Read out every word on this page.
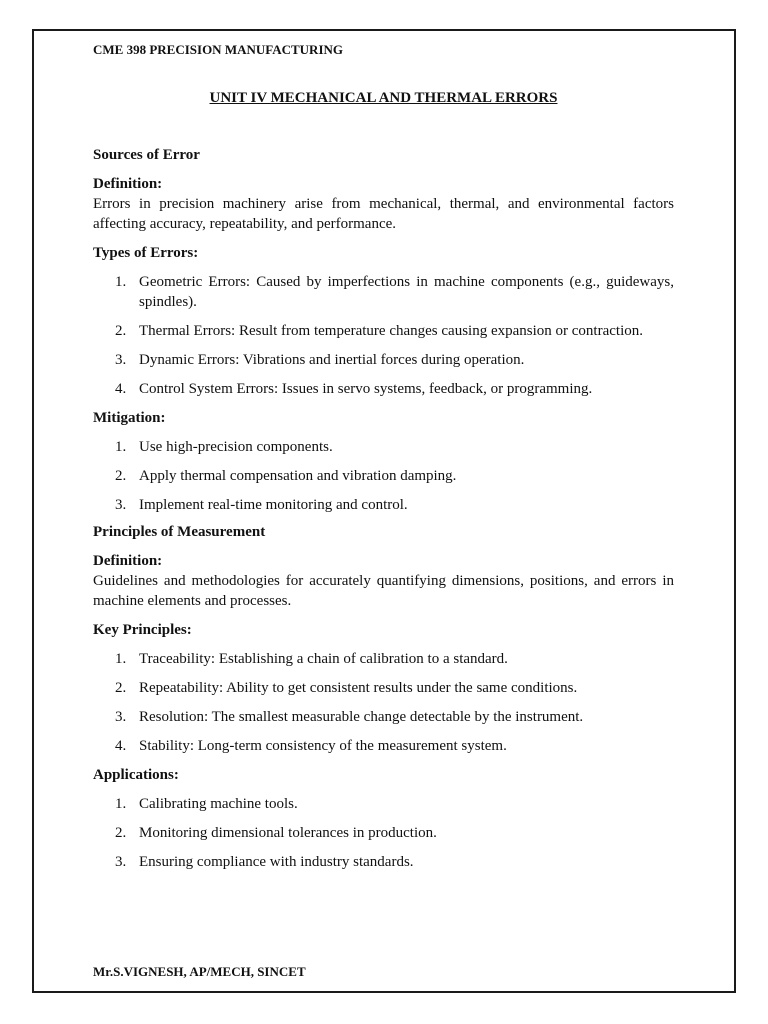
CME 398 PRECISION MANUFACTURING

UNIT IV MECHANICAL AND THERMAL ERRORS

Sources of Error

Definition:

Errors in precision machinery arise from mechanical, thermal, and environmental factors affecting accuracy, repeatability, and performance.

Types of Errors:

1. Geometric Errors: Caused by imperfections in machine components (e.g., guideways, spindles).
2. Thermal Errors: Result from temperature changes causing expansion or contraction.
3. Dynamic Errors: Vibrations and inertial forces during operation.
4. Control System Errors: Issues in servo systems, feedback, or programming.

Mitigation:

1. Use high-precision components.
2. Apply thermal compensation and vibration damping.
3. Implement real-time monitoring and control.

Principles of Measurement

Definition:

Guidelines and methodologies for accurately quantifying dimensions, positions, and errors in machine elements and processes.

Key Principles:

1. Traceability: Establishing a chain of calibration to a standard.
2. Repeatability: Ability to get consistent results under the same conditions.
3. Resolution: The smallest measurable change detectable by the instrument.
4. Stability: Long-term consistency of the measurement system.

Applications:

1. Calibrating machine tools.
2. Monitoring dimensional tolerances in production.
3. Ensuring compliance with industry standards.
Mr.S.VIGNESH, AP/MECH, SINCET
